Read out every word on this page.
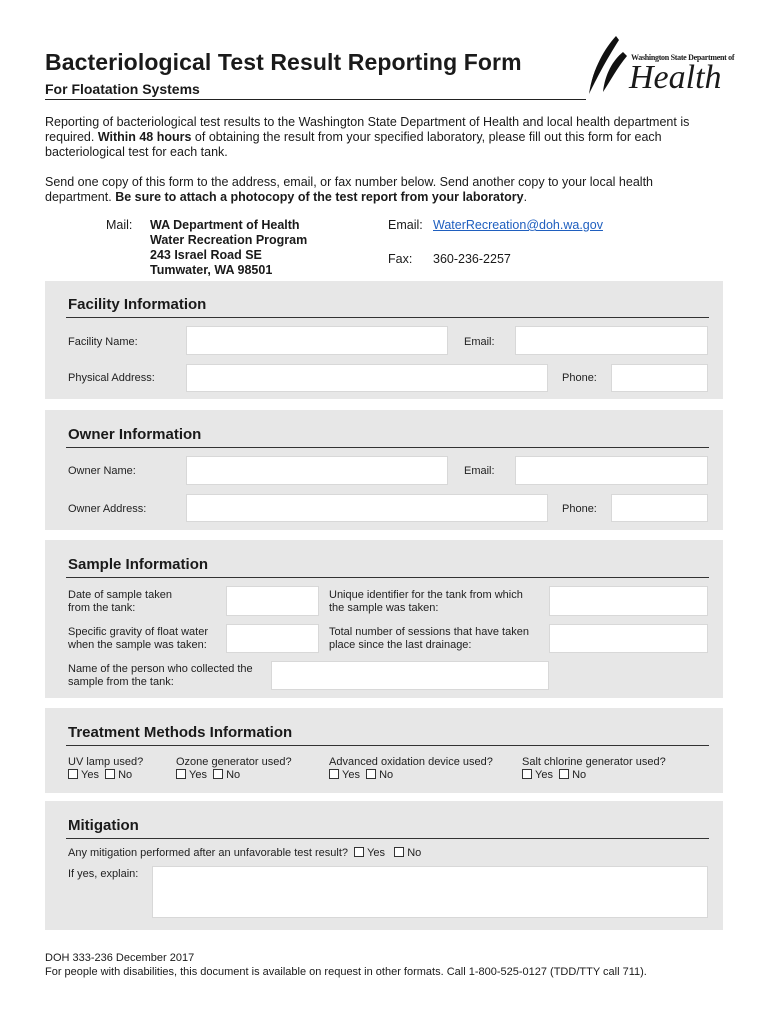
Bacteriological Test Result Reporting Form
For Floatation Systems
Washington State Department of
Health
Reporting of bacteriological test results to the Washington State Department of Health and local health department is required. Within 48 hours of obtaining the result from your specified laboratory, please fill out this form for each bacteriological test for each tank.
Send one copy of this form to the address, email, or fax number below. Send another copy to your local health department. Be sure to attach a photocopy of the test report from your laboratory.
Mail: WA Department of Health
Water Recreation Program
243 Israel Road SE
Tumwater, WA 98501
Email: WaterRecreation@doh.wa.gov
Fax: 360-236-2257
Facility Information
Facility Name:	Email:
Physical Address:	Phone:
Owner Information
Owner Name:	Email:
Owner Address:	Phone:
Sample Information
Date of sample taken
from the tank:
Unique identifier for the tank from which
the sample was taken:
Specific gravity of float water
when the sample was taken:
Total number of sessions that have taken
place since the last drainage:
Name of the person who collected the
sample from the tank:
Treatment Methods Information
UV lamp used?
Yes No
Ozone generator used?
Yes No
Advanced oxidation device used?
Yes No
Salt chlorine generator used?
Yes No
Mitigation
Any mitigation performed after an unfavorable test result? Yes No
If yes, explain:
DOH 333-236 December 2017
For people with disabilities, this document is available on request in other formats. Call 1-800-525-0127 (TDD/TTY call 711).
